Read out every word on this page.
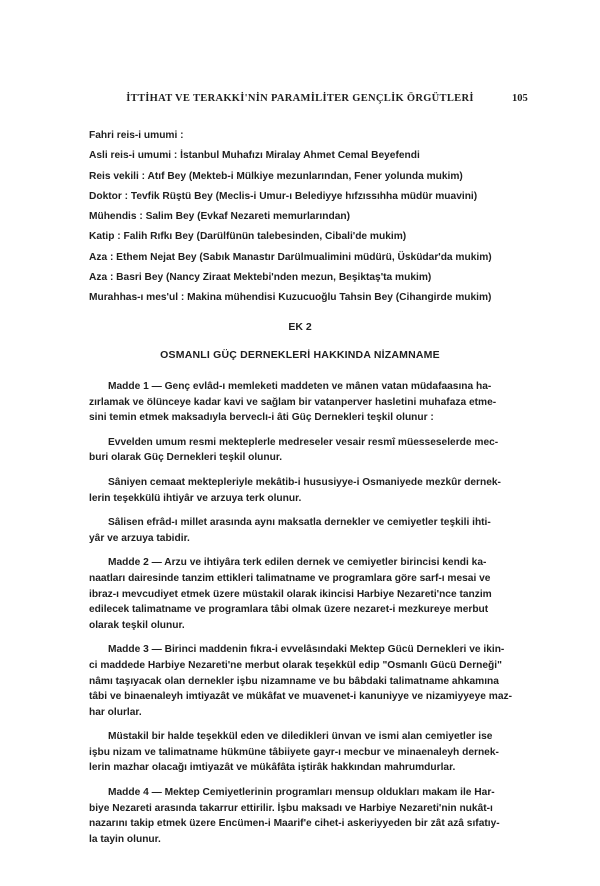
İTTİHAT VE TERAKKİ'NİN PARAMİLİTER GENÇLİK ÖRGÜTLERİ	105
Fahri reis-i umumi :
Asli reis-i umumi : İstanbul Muhafızı Miralay Ahmet Cemal Beyefendi
Reis vekili : Atıf Bey (Mekteb-i Mülkiye mezunlarından, Fener yolunda mukim)
Doktor : Tevfik Rüştü Bey (Meclis-i Umur-ı Belediyye hıfzıssıhha müdür muavini)
Mühendis : Salim Bey (Evkaf Nezareti memurlarından)
Katip : Falih Rıfkı Bey (Darülfünün talebesinden, Cibali'de mukim)
Aza : Ethem Nejat Bey (Sabık Manastır Darülmualimini müdürü, Üsküdar'da mukim)
Aza : Basri Bey (Nancy Ziraat Mektebi'nden mezun, Beşiktaş'ta mukim)
Murahhas-ı mes'ul : Makina mühendisi Kuzucuoğlu Tahsin Bey (Cihangirde mukim)
EK 2
OSMANLI GÜÇ DERNEKLERİ HAKKINDA NİZAMNAME
Madde 1 — Genç evlâd-ı memleketi maddeten ve mânen vatan müdafaasına ha-
zırlamak ve ölünceye kadar kavi ve sağlam bir vatanperver hasletini muhafaza etme-
sini temin etmek maksadıyla berveclı-i âti Güç Dernekleri teşkil olunur :
Evvelden umum resmi mekteplerle medreseler vesair resmî müesseselerde mec-
buri olarak Güç Dernekleri teşkil olunur.
Sâniyen cemaat mektepleriyle mekâtib-i hususiyye-i Osmaniyede mezkûr dernek-
lerin teşekkülü ihtiyâr ve arzuya terk olunur.
Sâlisen efrâd-ı millet arasında aynı maksatla dernekler ve cemiyetler teşkili ihti-
yâr ve arzuya tabidir.
Madde 2 — Arzu ve ihtiyâra terk edilen dernek ve cemiyetler birincisi kendi ka-
naatları dairesinde tanzim ettikleri talimatname ve programlara göre sarf-ı mesai ve
ibraz-ı mevcudiyet etmek üzere müstakil olarak ikincisi Harbiye Nezareti'nce tanzim
edilecek talimatname ve programlara tâbi olmak üzere nezaret-i mezkureye merbut
olarak teşkil olunur.
Madde 3 — Birinci maddenin fıkra-i evvelâsındaki Mektep Gücü Dernekleri ve ikin-
ci maddede Harbiye Nezareti'ne merbut olarak teşekkül edip "Osmanlı Gücü Derneği"
nâmı taşıyacak olan dernekler işbu nizamname ve bu bâbdaki talimatname ahkamına
tâbi ve binaenaleyh imtiyazât ve mükâfat ve muavenet-i kanuniyye ve nizamiyyeye maz-
har olurlar.
Müstakil bir halde teşekkül eden ve diledikleri ünvan ve ismi alan cemiyetler ise
işbu nizam ve talimatname hükmüne tâbiiyete gayr-ı mecbur ve minaenaleyh dernek-
lerin mazhar olacağı imtiyazât ve mükâfâta iştirâk hakkından mahrumdurlar.
Madde 4 — Mektep Cemiyetlerinin programları mensup oldukları makam ile Har-
biye Nezareti arasında takarrur ettirilir. İşbu maksadı ve Harbiye Nezareti'nin nukât-ı
nazarını takip etmek üzere Encümen-i Maarif'e cihet-i askeriyyeden bir zât azâ sıfatıy-
la tayin olunur.
